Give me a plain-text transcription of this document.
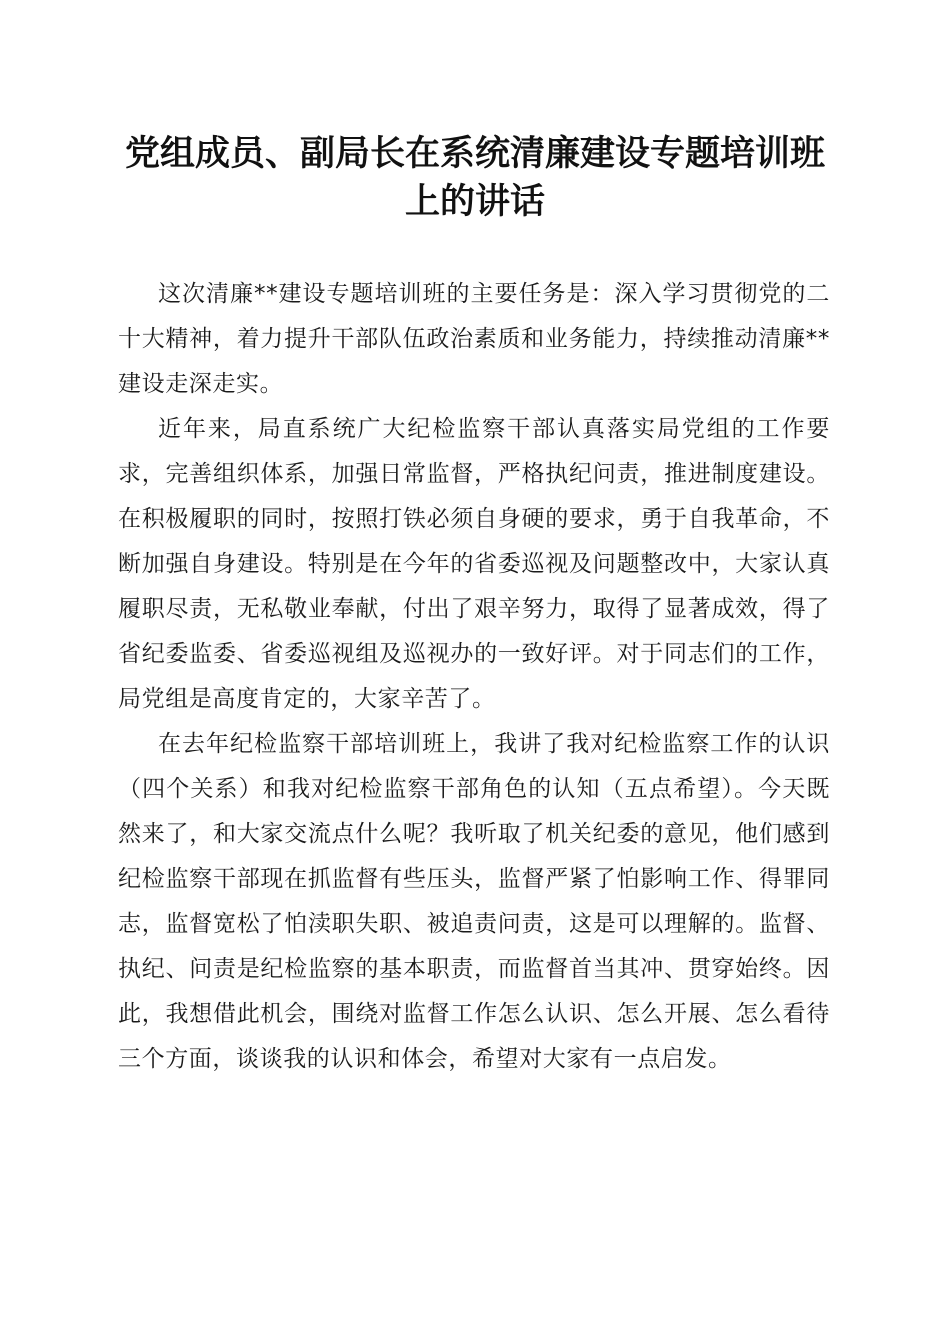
党组成员、副局长在系统清廉建设专题培训班上的讲话

这次清廉**建设专题培训班的主要任务是：深入学习贯彻党的二十大精神，着力提升干部队伍政治素质和业务能力，持续推动清廉**建设走深走实。

近年来，局直系统广大纪检监察干部认真落实局党组的工作要求，完善组织体系，加强日常监督，严格执纪问责，推进制度建设。在积极履职的同时，按照打铁必须自身硬的要求，勇于自我革命，不断加强自身建设。特别是在今年的省委巡视及问题整改中，大家认真履职尽责，无私敬业奉献，付出了艰辛努力，取得了显著成效，得了省纪委监委、省委巡视组及巡视办的一致好评。对于同志们的工作，局党组是高度肯定的，大家辛苦了。

在去年纪检监察干部培训班上，我讲了我对纪检监察工作的认识（四个关系）和我对纪检监察干部角色的认知（五点希望）。今天既然来了，和大家交流点什么呢？我听取了机关纪委的意见，他们感到纪检监察干部现在抓监督有些压头，监督严紧了怕影响工作、得罪同志，监督宽松了怕渎职失职、被追责问责，这是可以理解的。监督、执纪、问责是纪检监察的基本职责，而监督首当其冲、贯穿始终。因此，我想借此机会，围绕对监督工作怎么认识、怎么开展、怎么看待三个方面，谈谈我的认识和体会，希望对大家有一点启发。
